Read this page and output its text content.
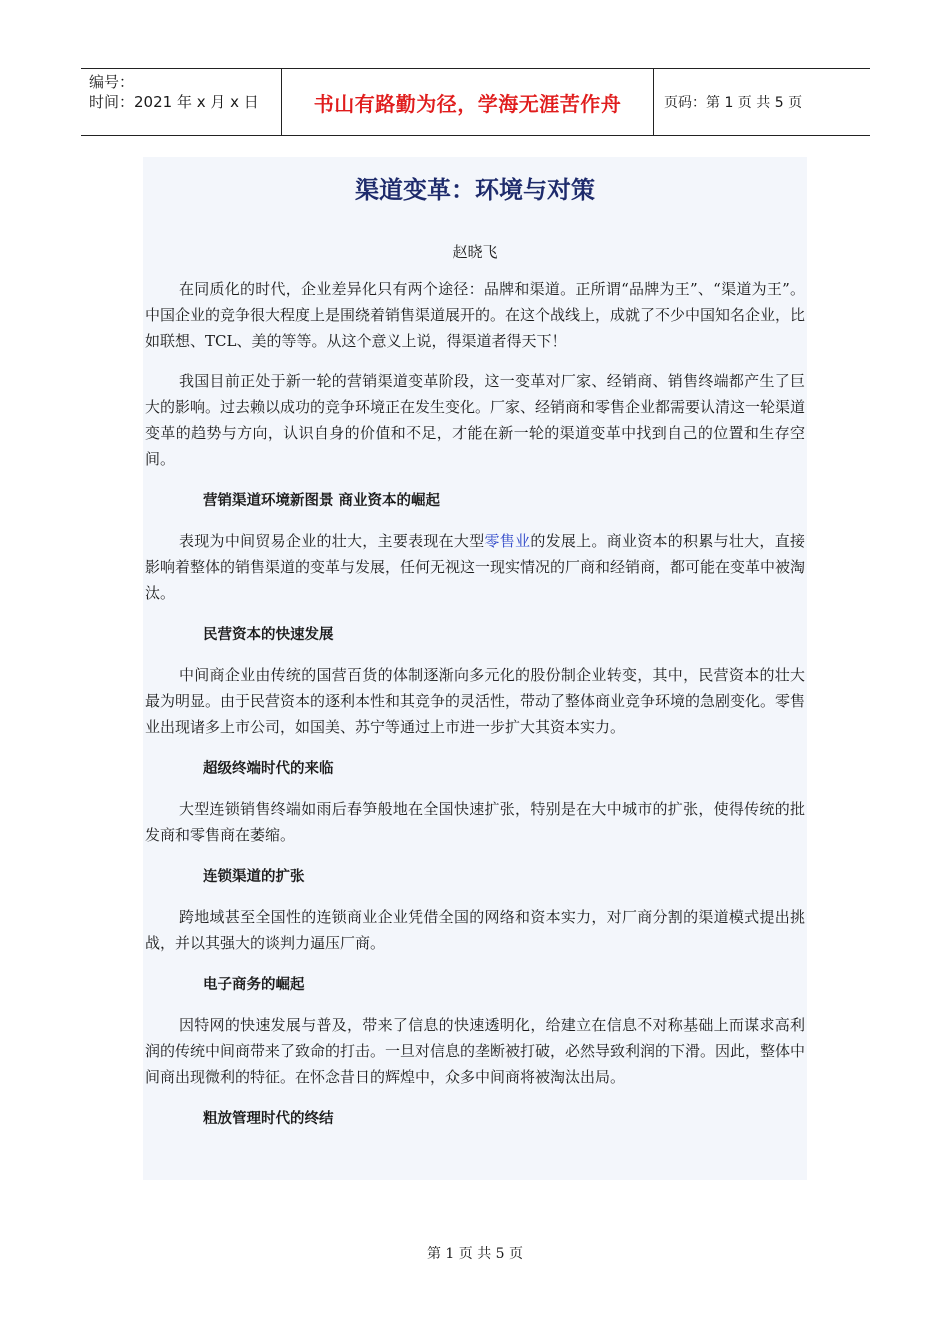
编号：
时间：2021 年 x 月 x 日	书山有路勤为径，学海无涯苦作舟	页码：第 1 页 共 5 页
渠道变革：环境与对策
赵晓飞

在同质化的时代，企业差异化只有两个途径：品牌和渠道。正所谓“品牌为王”、“渠道为王”。中国企业的竞争很大程度上是围绕着销售渠道展开的。在这个战线上，成就了不少中国知名企业，比如联想、TCL、美的等等。从这个意义上说，得渠道者得天下！

我国目前正处于新一轮的营销渠道变革阶段，这一变革对厂家、经销商、销售终端都产生了巨大的影响。过去赖以成功的竞争环境正在发生变化。厂家、经销商和零售企业都需要认清这一轮渠道变革的趋势与方向，认识自身的价值和不足，才能在新一轮的渠道变革中找到自己的位置和生存空间。

营销渠道环境新图景 商业资本的崛起

表现为中间贸易企业的壮大，主要表现在大型零售业的发展上。商业资本的积累与壮大，直接影响着整体的销售渠道的变革与发展，任何无视这一现实情况的厂商和经销商，都可能在变革中被淘汰。

民营资本的快速发展

中间商企业由传统的国营百货的体制逐渐向多元化的股份制企业转变，其中，民营资本的壮大最为明显。由于民营资本的逐利本性和其竞争的灵活性，带动了整体商业竞争环境的急剧变化。零售业出现诸多上市公司，如国美、苏宁等通过上市进一步扩大其资本实力。

超级终端时代的来临

大型连锁销售终端如雨后春笋般地在全国快速扩张，特别是在大中城市的扩张，使得传统的批发商和零售商在萎缩。

连锁渠道的扩张

跨地域甚至全国性的连锁商业企业凭借全国的网络和资本实力，对厂商分割的渠道模式提出挑战，并以其强大的谈判力逼压厂商。

电子商务的崛起

因特网的快速发展与普及，带来了信息的快速透明化，给建立在信息不对称基础上而谋求高利润的传统中间商带来了致命的打击。一旦对信息的垄断被打破，必然导致利润的下滑。因此，整体中间商出现微利的特征。在怀念昔日的辉煌中，众多中间商将被淘汰出局。

粗放管理时代的终结

第 1 页 共 5 页
